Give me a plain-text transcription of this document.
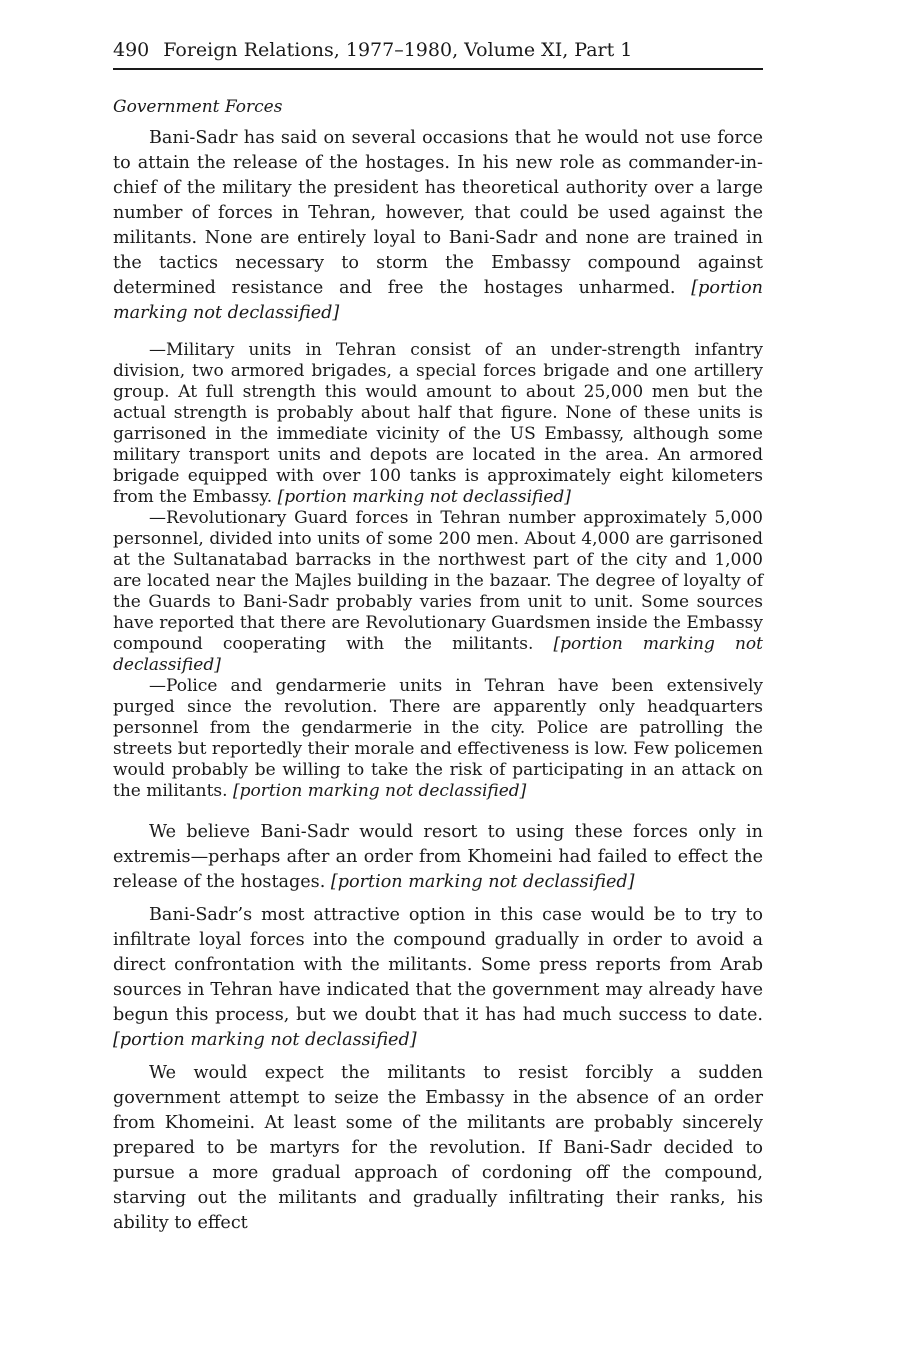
490 Foreign Relations, 1977–1980, Volume XI, Part 1
Government Forces

Bani-Sadr has said on several occasions that he would not use force to attain the release of the hostages. In his new role as commander-in-chief of the military the president has theoretical authority over a large number of forces in Tehran, however, that could be used against the militants. None are entirely loyal to Bani-Sadr and none are trained in the tactics necessary to storm the Embassy compound against determined resistance and free the hostages unharmed. [portion marking not declassified]

—Military units in Tehran consist of an under-strength infantry division, two armored brigades, a special forces brigade and one artillery group. At full strength this would amount to about 25,000 men but the actual strength is probably about half that figure. None of these units is garrisoned in the immediate vicinity of the US Embassy, although some military transport units and depots are located in the area. An armored brigade equipped with over 100 tanks is approximately eight kilometers from the Embassy. [portion marking not declassified]

—Revolutionary Guard forces in Tehran number approximately 5,000 personnel, divided into units of some 200 men. About 4,000 are garrisoned at the Sultanatabad barracks in the northwest part of the city and 1,000 are located near the Majles building in the bazaar. The degree of loyalty of the Guards to Bani-Sadr probably varies from unit to unit. Some sources have reported that there are Revolutionary Guardsmen inside the Embassy compound cooperating with the militants. [portion marking not declassified]

—Police and gendarmerie units in Tehran have been extensively purged since the revolution. There are apparently only headquarters personnel from the gendarmerie in the city. Police are patrolling the streets but reportedly their morale and effectiveness is low. Few policemen would probably be willing to take the risk of participating in an attack on the militants. [portion marking not declassified]

We believe Bani-Sadr would resort to using these forces only in extremis—perhaps after an order from Khomeini had failed to effect the release of the hostages. [portion marking not declassified]

Bani-Sadr’s most attractive option in this case would be to try to infiltrate loyal forces into the compound gradually in order to avoid a direct confrontation with the militants. Some press reports from Arab sources in Tehran have indicated that the government may already have begun this process, but we doubt that it has had much success to date. [portion marking not declassified]

We would expect the militants to resist forcibly a sudden government attempt to seize the Embassy in the absence of an order from Khomeini. At least some of the militants are probably sincerely prepared to be martyrs for the revolution. If Bani-Sadr decided to pursue a more gradual approach of cordoning off the compound, starving out the militants and gradually infiltrating their ranks, his ability to effect
